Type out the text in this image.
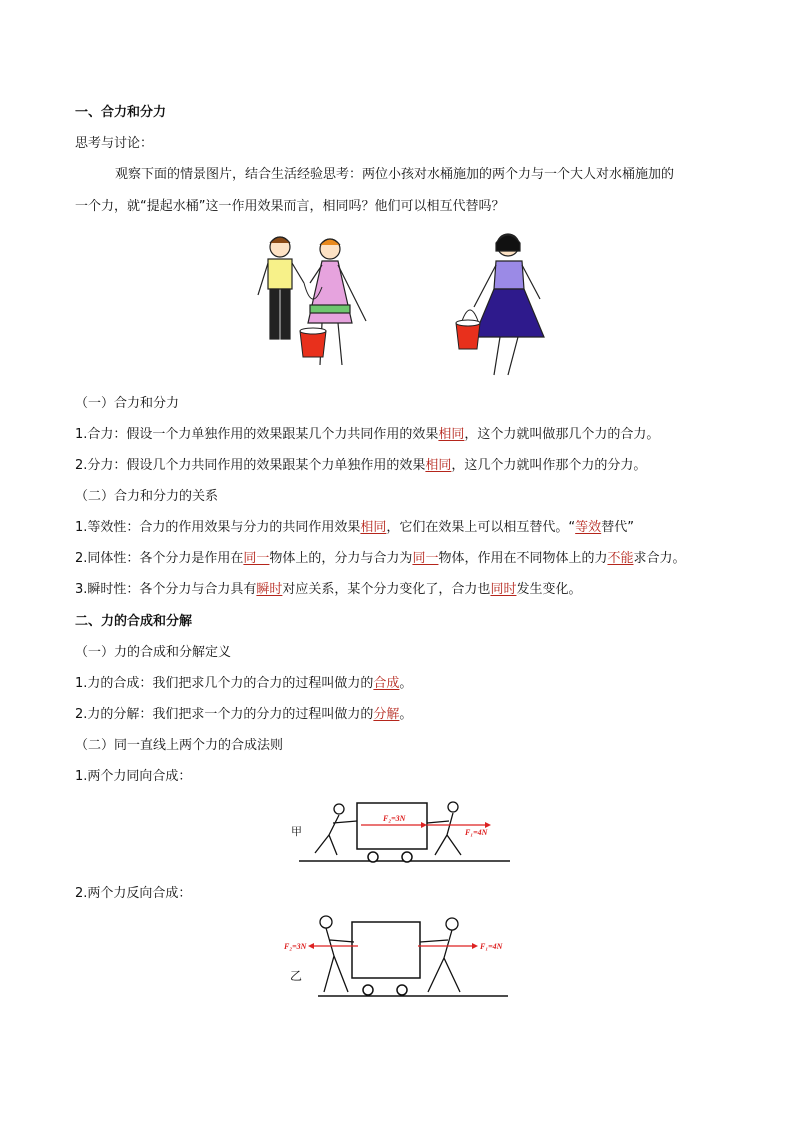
一、合力和分力
思考与讨论：
观察下面的情景图片，结合生活经验思考：两位小孩对水桶施加的两个力与一个大人对水桶施加的
一个力，就“提起水桶”这一作用效果而言，相同吗？他们可以相互代替吗？
（一）合力和分力
1.合力：假设一个力单独作用的效果跟某几个力共同作用的效果相同，这个力就叫做那几个力的合力。
2.分力：假设几个力共同作用的效果跟某个力单独作用的效果相同，这几个力就叫作那个力的分力。
（二）合力和分力的关系
1.等效性：合力的作用效果与分力的共同作用效果相同，它们在效果上可以相互替代。“等效替代”
2.同体性：各个分力是作用在同一物体上的，分力与合力为同一物体，作用在不同物体上的力不能求合力。
3.瞬时性：各个分力与合力具有瞬时对应关系，某个分力变化了，合力也同时发生变化。
二、力的合成和分解
（一）力的合成和分解定义
1.力的合成：我们把求几个力的合力的过程叫做力的合成。
2.力的分解：我们把求一个力的分力的过程叫做力的分解。
（二）同一直线上两个力的合成法则
1.两个力同向合成：
甲
F₂=3N
F₁=4N
2.两个力反向合成：
乙
F₂=3N	F₁=4N
